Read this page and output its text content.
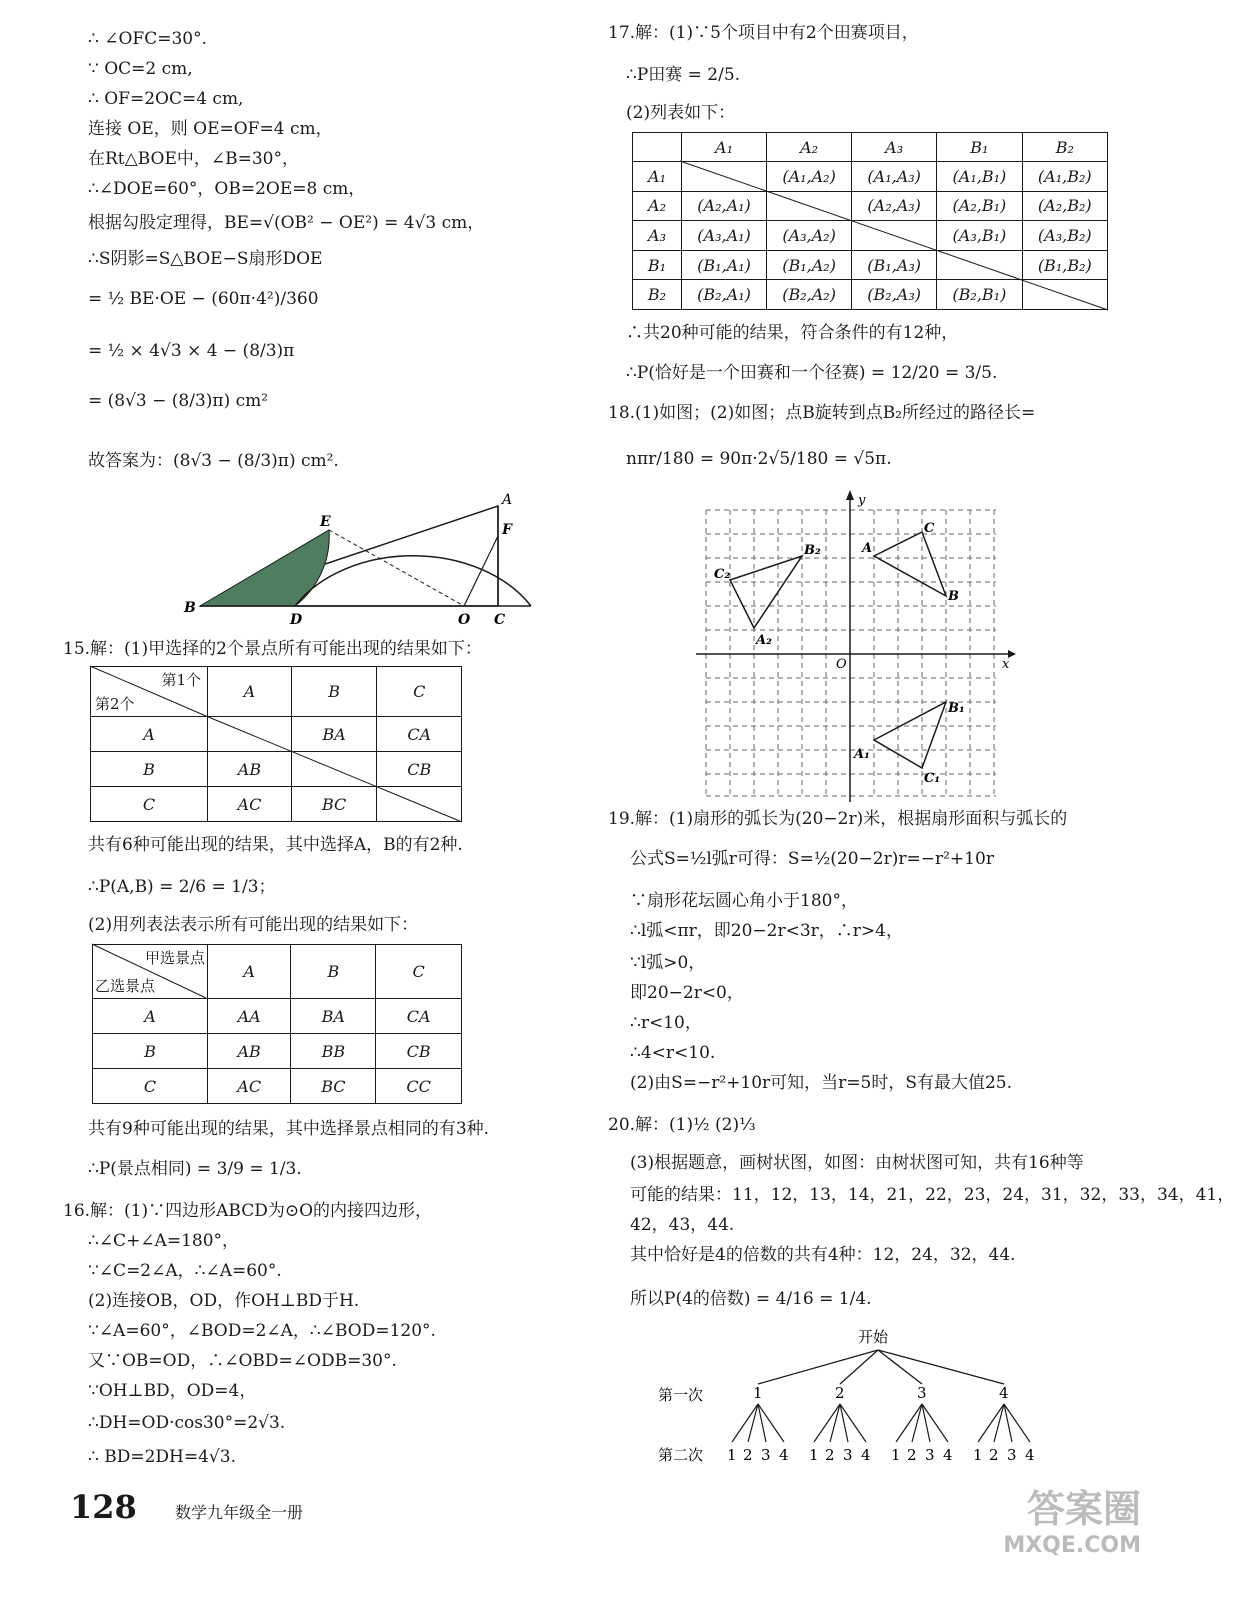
∴ ∠OFC=30°.
∵ OC=2 cm,
∴ OF=2OC=4 cm,
连接 OE，则 OE=OF=4 cm，
在Rt△BOE中，∠B=30°，
∴∠DOE=60°，OB=2OE=8 cm，
根据勾股定理得，BE=√(OB² − OE²) = 4√3 cm，
∴S阴影=S△BOE−S扇形DOE
= ½ BE·OE − (60π·4²)/360
= ½ × 4√3 × 4 − (8/3)π
= (8√3 − (8/3)π) cm²
故答案为：(8√3 − (8/3)π) cm².
A
E	F
B
D	O C
15.解：(1)甲选择的2个景点所有可能出现的结果如下：
第1个
第2个	A	B	C
A		BA	CA
B	AB		CB
C	AC	BC	
共有6种可能出现的结果，其中选择A，B的有2种.
∴P(A,B) = 2/6 = 1/3；
(2)用列表法表示所有可能出现的结果如下：
甲选景点
乙选景点	A	B	C
A	AA	BA	CA
B	AB	BB	CB
C	AC	BC	CC
共有9种可能出现的结果，其中选择景点相同的有3种.
∴P(景点相同) = 3/9 = 1/3.
16.解：(1)∵四边形ABCD为⊙O的内接四边形，
∴∠C+∠A=180°，
∵∠C=2∠A，∴∠A=60°.
(2)连接OB，OD，作OH⊥BD于H.
∵∠A=60°，∠BOD=2∠A，∴∠BOD=120°.
又∵OB=OD，∴∠OBD=∠ODB=30°.
∵OH⊥BD，OD=4，
∴DH=OD·cos30°=2√3.
∴ BD=2DH=4√3.
17.解：(1)∵5个项目中有2个田赛项目，
∴P田赛 = 2/5.
(2)列表如下：
	A₁	A₂	A₃	B₁	B₂
A₁		(A₁,A₂)	(A₁,A₃)	(A₁,B₁)	(A₁,B₂)
A₂	(A₂,A₁)		(A₂,A₃)	(A₂,B₁)	(A₂,B₂)
A₃	(A₃,A₁)	(A₃,A₂)		(A₃,B₁)	(A₃,B₂)
B₁	(B₁,A₁)	(B₁,A₂)	(B₁,A₃)		(B₁,B₂)
B₂	(B₂,A₁)	(B₂,A₂)	(B₂,A₃)	(B₂,B₁)	
∴共20种可能的结果，符合条件的有12种，
∴P(恰好是一个田赛和一个径赛) = 12/20 = 3/5.
18.(1)如图；(2)如图；点B旋转到点B₂所经过的路径长=
nπr/180 = 90π·2√5/180 = √5π.
y
x
O
A
B
C
A₁
B₁
C₁
A₂
B₂
C₂
19.解：(1)扇形的弧长为(20−2r)米，根据扇形面积与弧长的
公式S=½l弧r可得：S=½(20−2r)r=−r²+10r
∵扇形花坛圆心角小于180°，
∴l弧<πr，即20−2r<3r，∴r>4，
∵l弧>0，
即20−2r<0，
∴r<10，
∴4<r<10.
(2)由S=−r²+10r可知，当r=5时，S有最大值25.
20.解：(1)½ (2)⅓
(3)根据题意，画树状图，如图：由树状图可知，共有16种等
可能的结果：11，12，13，14，21，22，23，24，31，32，33，34，41，
42，43，44.
其中恰好是4的倍数的共有4种：12，24，32，44.
所以P(4的倍数) = 4/16 = 1/4.
开始
第一次
第二次
1	2	3	4
1 2 3 4 1 2 3 4 1 2 3 4 1 2 3 4
128 数学九年级全一册	答案圈
MXQE.COM
